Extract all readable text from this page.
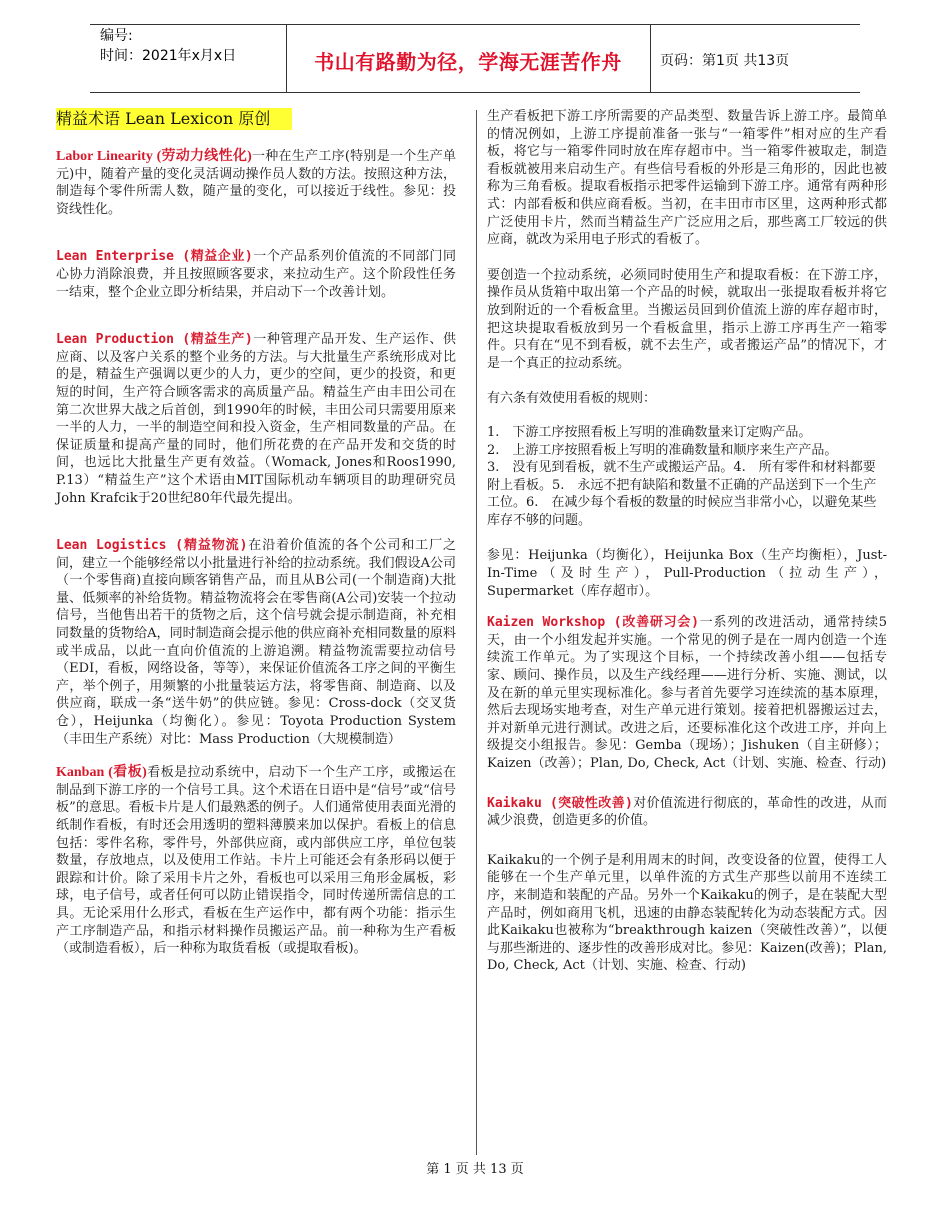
编号:
时间：2021年x月x日	书山有路勤为径，学海无涯苦作舟	页码：第1页 共13页
精益术语 Lean Lexicon 原创

Labor Linearity (劳动力线性化)一种在生产工序(特别是一个生产单元)中，随着产量的变化灵活调动操作员人数的方法。按照这种方法，制造每个零件所需人数，随产量的变化，可以接近于线性。参见：投资线性化。

Lean Enterprise (精益企业)一个产品系列价值流的不同部门同心协力消除浪费，并且按照顾客要求，来拉动生产。这个阶段性任务一结束，整个企业立即分析结果，并启动下一个改善计划。

Lean Production (精益生产)一种管理产品开发、生产运作、供应商、以及客户关系的整个业务的方法。与大批量生产系统形成对比的是，精益生产强调以更少的人力，更少的空间，更少的投资，和更短的时间，生产符合顾客需求的高质量产品。精益生产由丰田公司在第二次世界大战之后首创，到1990年的时候，丰田公司只需要用原来一半的人力，一半的制造空间和投入资金，生产相同数量的产品。在保证质量和提高产量的同时，他们所花费的在产品开发和交货的时间，也远比大批量生产更有效益。（Womack, Jones和Roos1990, P.13）“精益生产”这个术语由MIT国际机动车辆项目的助理研究员John Krafcik于20世纪80年代最先提出。

Lean Logistics (精益物流)在沿着价值流的各个公司和工厂之间，建立一个能够经常以小批量进行补给的拉动系统。我们假设A公司（一个零售商)直接向顾客销售产品，而且从B公司(一个制造商)大批量、低频率的补给货物。精益物流将会在零售商(A公司)安装一个拉动信号，当他售出若干的货物之后，这个信号就会提示制造商，补充相同数量的货物给A，同时制造商会提示他的供应商补充相同数量的原料或半成品，以此一直向价值流的上游追溯。精益物流需要拉动信号（EDI，看板，网络设备，等等），来保证价值流各工序之间的平衡生产，举个例子，用频繁的小批量装运方法，将零售商、制造商、以及供应商，联成一条“送牛奶”的供应链。参见：Cross-dock（交叉货仓），Heijunka（均衡化）。参见：Toyota Production System（丰田生产系统）对比：Mass Production（大规模制造）

Kanban (看板)看板是拉动系统中，启动下一个生产工序，或搬运在制品到下游工序的一个信号工具。这个术语在日语中是“信号”或“信号板”的意思。看板卡片是人们最熟悉的例子。人们通常使用表面光滑的纸制作看板，有时还会用透明的塑料薄膜来加以保护。看板上的信息包括：零件名称，零件号，外部供应商，或内部供应工序，单位包装数量，存放地点，以及使用工作站。卡片上可能还会有条形码以便于跟踪和计价。除了采用卡片之外，看板也可以采用三角形金属板，彩球，电子信号，或者任何可以防止错误指令，同时传递所需信息的工具。无论采用什么形式，看板在生产运作中，都有两个功能：指示生产工序制造产品，和指示材料操作员搬运产品。前一种称为生产看板（或制造看板），后一种称为取货看板（或提取看板)。

生产看板把下游工序所需要的产品类型、数量告诉上游工序。最简单的情况例如，上游工序提前准备一张与“一箱零件”相对应的生产看板，将它与一箱零件同时放在库存超市中。当一箱零件被取走，制造看板就被用来启动生产。有些信号看板的外形是三角形的，因此也被称为三角看板。提取看板指示把零件运输到下游工序。通常有两种形式：内部看板和供应商看板。当初，在丰田市市区里，这两种形式都广泛使用卡片，然而当精益生产广泛应用之后，那些离工厂较远的供应商，就改为采用电子形式的看板了。

要创造一个拉动系统，必须同时使用生产和提取看板：在下游工序，操作员从货箱中取出第一个产品的时候，就取出一张提取看板并将它放到附近的一个看板盒里。当搬运员回到价值流上游的库存超市时，把这块提取看板放到另一个看板盒里，指示上游工序再生产一箱零件。只有在“见不到看板，就不去生产，或者搬运产品”的情况下，才是一个真正的拉动系统。

有六条有效使用看板的规则：

1.　下游工序按照看板上写明的准确数量来订定购产品。
2.　上游工序按照看板上写明的准确数量和顺序来生产产品。
3.　没有见到看板，就不生产或搬运产品。4.　所有零件和材料都要附上看板。5.　永远不把有缺陷和数量不正确的产品送到下一个生产工位。6.　在减少每个看板的数量的时候应当非常小心，以避免某些库存不够的问题。

参见：Heijunka（均衡化），Heijunka Box（生产均衡柜），Just-In-Time（及时生产），Pull-Production（拉动生产），Supermarket（库存超市）。

Kaizen Workshop (改善研习会)一系列的改进活动，通常持续5天，由一个小组发起并实施。一个常见的例子是在一周内创造一个连续流工作单元。为了实现这个目标，一个持续改善小组——包括专家、顾问、操作员，以及生产线经理——进行分析、实施、测试，以及在新的单元里实现标准化。参与者首先要学习连续流的基本原理，然后去现场实地考查，对生产单元进行策划。接着把机器搬运过去，并对新单元进行测试。改进之后，还要标准化这个改进工序，并向上级提交小组报告。参见：Gemba（现场）；Jishuken（自主研修）；Kaizen（改善）；Plan, Do, Check, Act（计划、实施、检查、行动)

Kaikaku (突破性改善)对价值流进行彻底的，革命性的改进，从而减少浪费，创造更多的价值。

Kaikaku的一个例子是利用周末的时间，改变设备的位置，使得工人能够在一个生产单元里，以单件流的方式生产那些以前用不连续工序，来制造和装配的产品。另外一个Kaikaku的例子，是在装配大型产品时，例如商用飞机，迅速的由静态装配转化为动态装配方式。因此Kaikaku也被称为“breakthrough kaizen（突破性改善）”，以便与那些渐进的、逐步性的改善形成对比。参见：Kaizen(改善)；Plan, Do, Check, Act（计划、实施、检查、行动)

第 1 页 共 13 页
